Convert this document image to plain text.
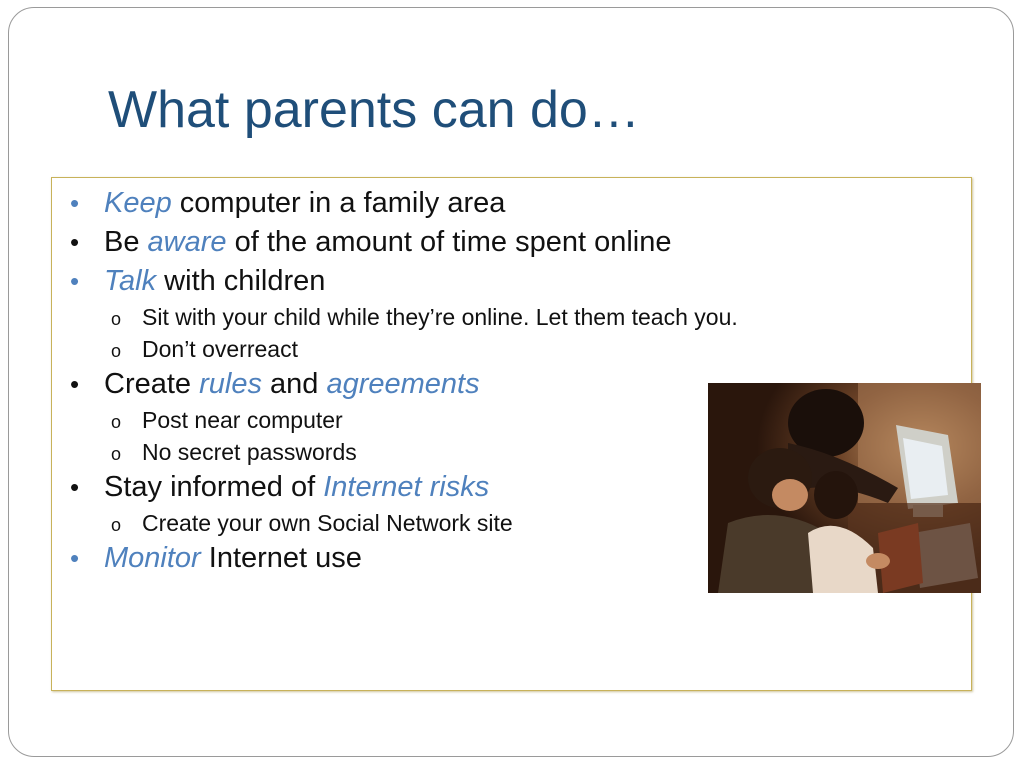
What parents can do…
• Keep computer in a family area
• Be aware of the amount of time spent online
• Talk with children
o Sit with your child while they’re online. Let them teach you.
o Don’t overreact
• Create rules and agreements
o Post near computer
o No secret passwords
• Stay informed of Internet risks
o Create your own Social Network site
• Monitor Internet use
